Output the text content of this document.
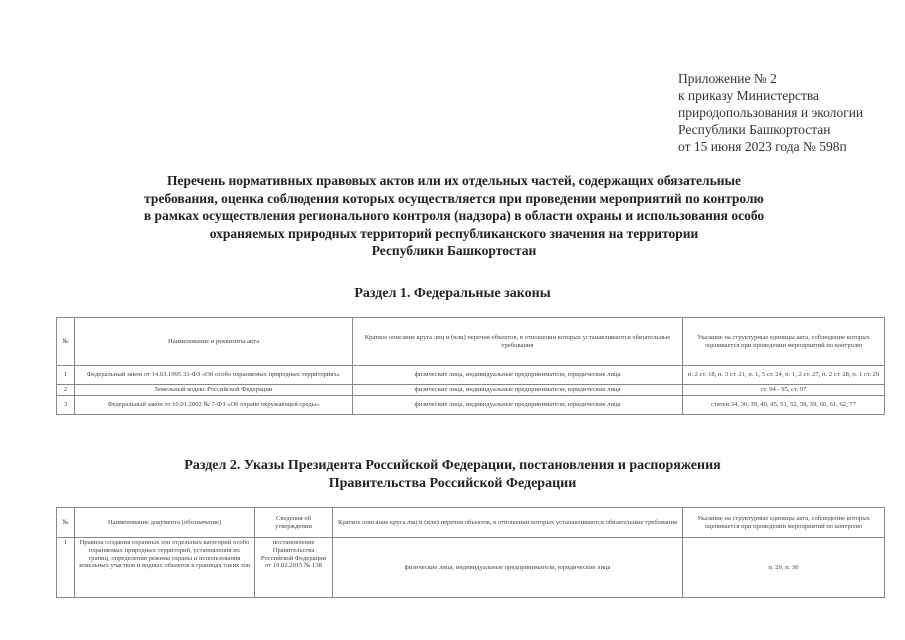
Приложение № 2
к приказу Министерства
природопользования и экологии
Республики Башкортостан
от 15 июня 2023 года № 598п
Перечень нормативных правовых актов или их отдельных частей, содержащих обязательные
требования, оценка соблюдения которых осуществляется при проведении мероприятий по контролю
в рамках осуществления регионального контроля (надзора) в области охраны и использования особо
охраняемых природных территорий республиканского значения на территории
Республики Башкортостан
Раздел 1. Федеральные законы
№	Наименование и реквизиты акта	Краткое описание круга лиц и (или) перечня объектов, в отношении которых устанавливаются обязательные требования	Указание на структурные единицы акта, соблюдение которых оценивается при проведении мероприятий по контролю
1	Федеральный закон от 14.03.1995 33-ФЗ «Об особо охраняемых природных территориях»	физические лица, индивидуальные предприниматели, юридические лица	п. 2 ст. 18, п. 3 ст. 21, п. 1, 5 ст. 24, п. 1, 2 ст. 27, п. 2 ст. 28, п. 1 ст. 29
2	Земельный кодекс Российской Федерации	физические лица, индивидуальные предприниматели, юридические лица	ст. 94 - 95, ст. 97
3	Федеральный закон от 10.01.2002 № 7-ФЗ «Об охране окружающей среды»	физические лица, индивидуальные предприниматели, юридические лица	статьи 34, 36, 39, 40, 45, 51, 52, 58, 59, 60, 61, 62, 77
Раздел 2. Указы Президента Российской Федерации, постановления и распоряжения
Правительства Российской Федерации
№	Наименование документа (обозначение)	Сведения об утверждении	Краткое описание круга лиц и (или) перечня объектов, в отношении которых устанавливаются обязательные требования	Указание на структурные единицы акта, соблюдение которых оценивается при проведении мероприятий по контролю
1	Правила создания охранных зон отдельных категорий особо охраняемых природных территорий, установления их границ, определения режима охраны и использования земельных участков и водных объектов в границах таких зон	постановление Правительства Российской Федерации от 19.02.2015 № 138	физические лица, индивидуальные предприниматели, юридические лица	п. 29, п. 30
